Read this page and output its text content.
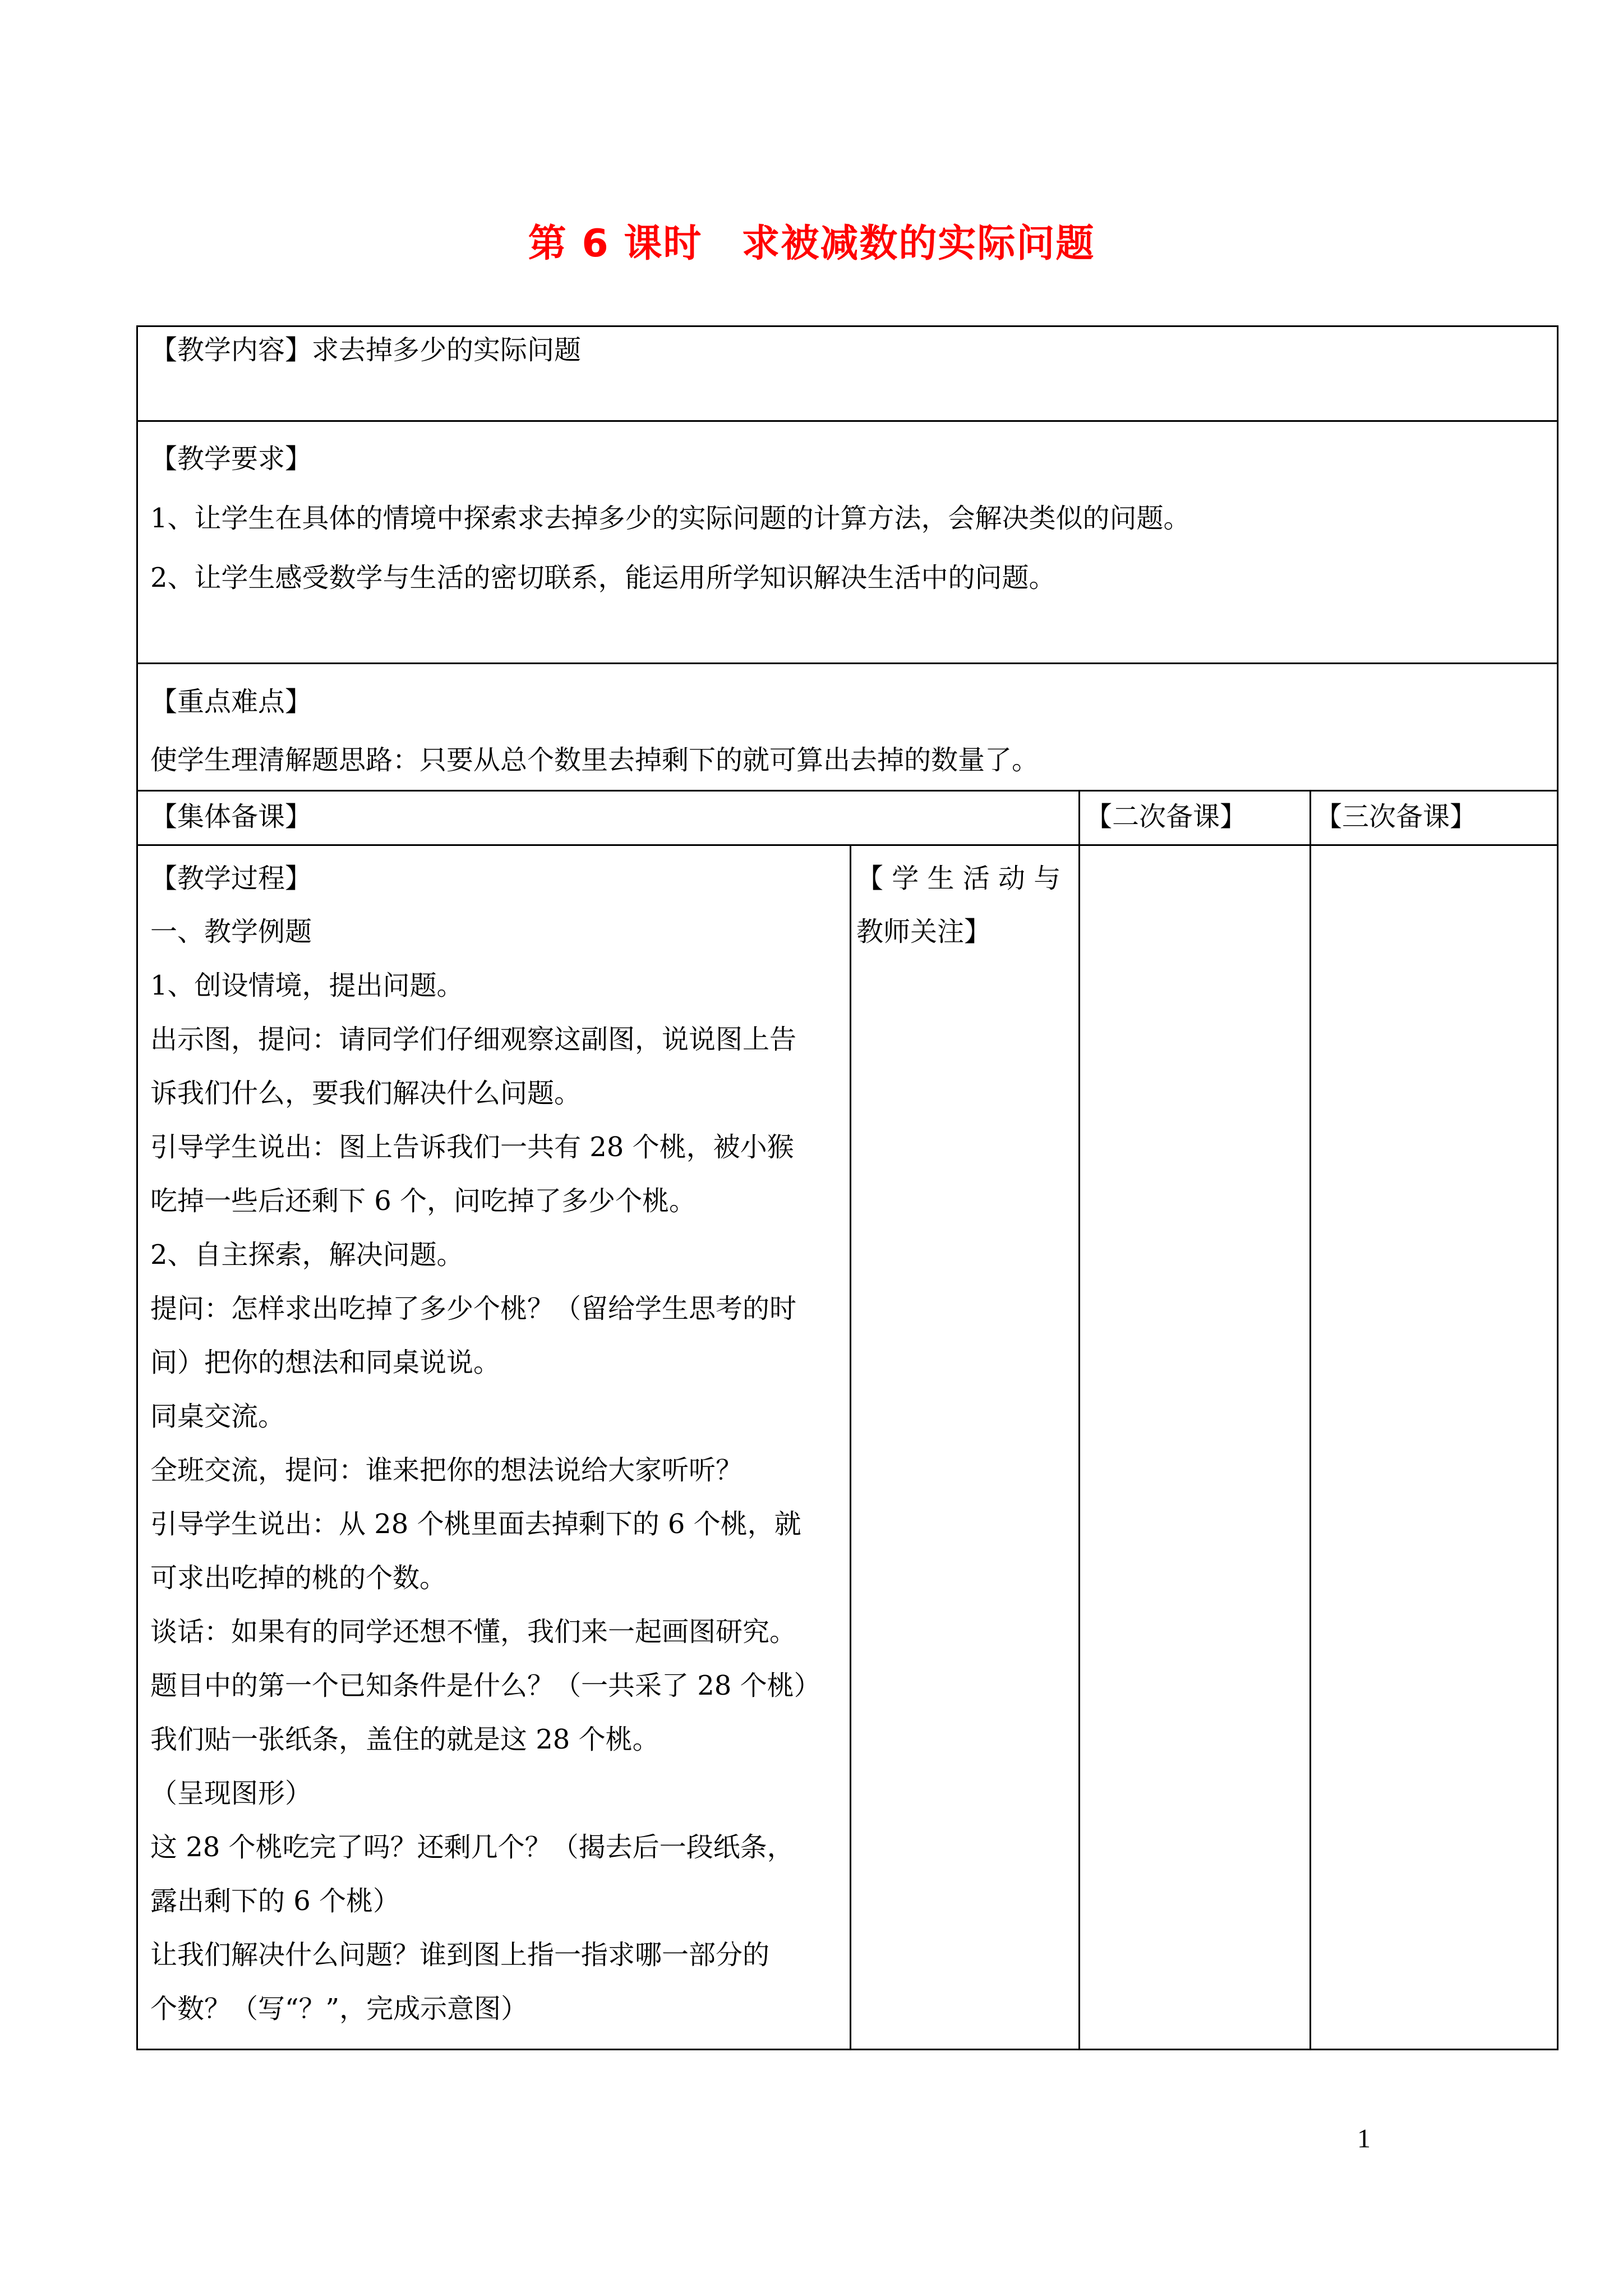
第 6 课时 求被减数的实际问题
【教学内容】求去掉多少的实际问题
【教学要求】
1、让学生在具体的情境中探索求去掉多少的实际问题的计算方法，会解决类似的问题。
2、让学生感受数学与生活的密切联系，能运用所学知识解决生活中的问题。
【重点难点】
使学生理清解题思路：只要从总个数里去掉剩下的就可算出去掉的数量了。
【集体备课】	【二次备课】	【三次备课】
【 学 生 活 动 与
教师关注】
【教学过程】
一、教学例题
1、创设情境，提出问题。
出示图，提问：请同学们仔细观察这副图，说说图上告
诉我们什么，要我们解决什么问题。
引导学生说出：图上告诉我们一共有 28 个桃，被小猴
吃掉一些后还剩下 6 个，问吃掉了多少个桃。
2、自主探索，解决问题。
提问：怎样求出吃掉了多少个桃？（留给学生思考的时
间）把你的想法和同桌说说。
同桌交流。
全班交流，提问：谁来把你的想法说给大家听听？
引导学生说出：从 28 个桃里面去掉剩下的 6 个桃，就
可求出吃掉的桃的个数。
谈话：如果有的同学还想不懂，我们来一起画图研究。
题目中的第一个已知条件是什么？（一共采了 28 个桃）
我们贴一张纸条，盖住的就是这 28 个桃。
（呈现图形）
这 28 个桃吃完了吗？还剩几个？（揭去后一段纸条，
露出剩下的 6 个桃）
让我们解决什么问题？谁到图上指一指求哪一部分的
个数？（写“？”，完成示意图）
1
